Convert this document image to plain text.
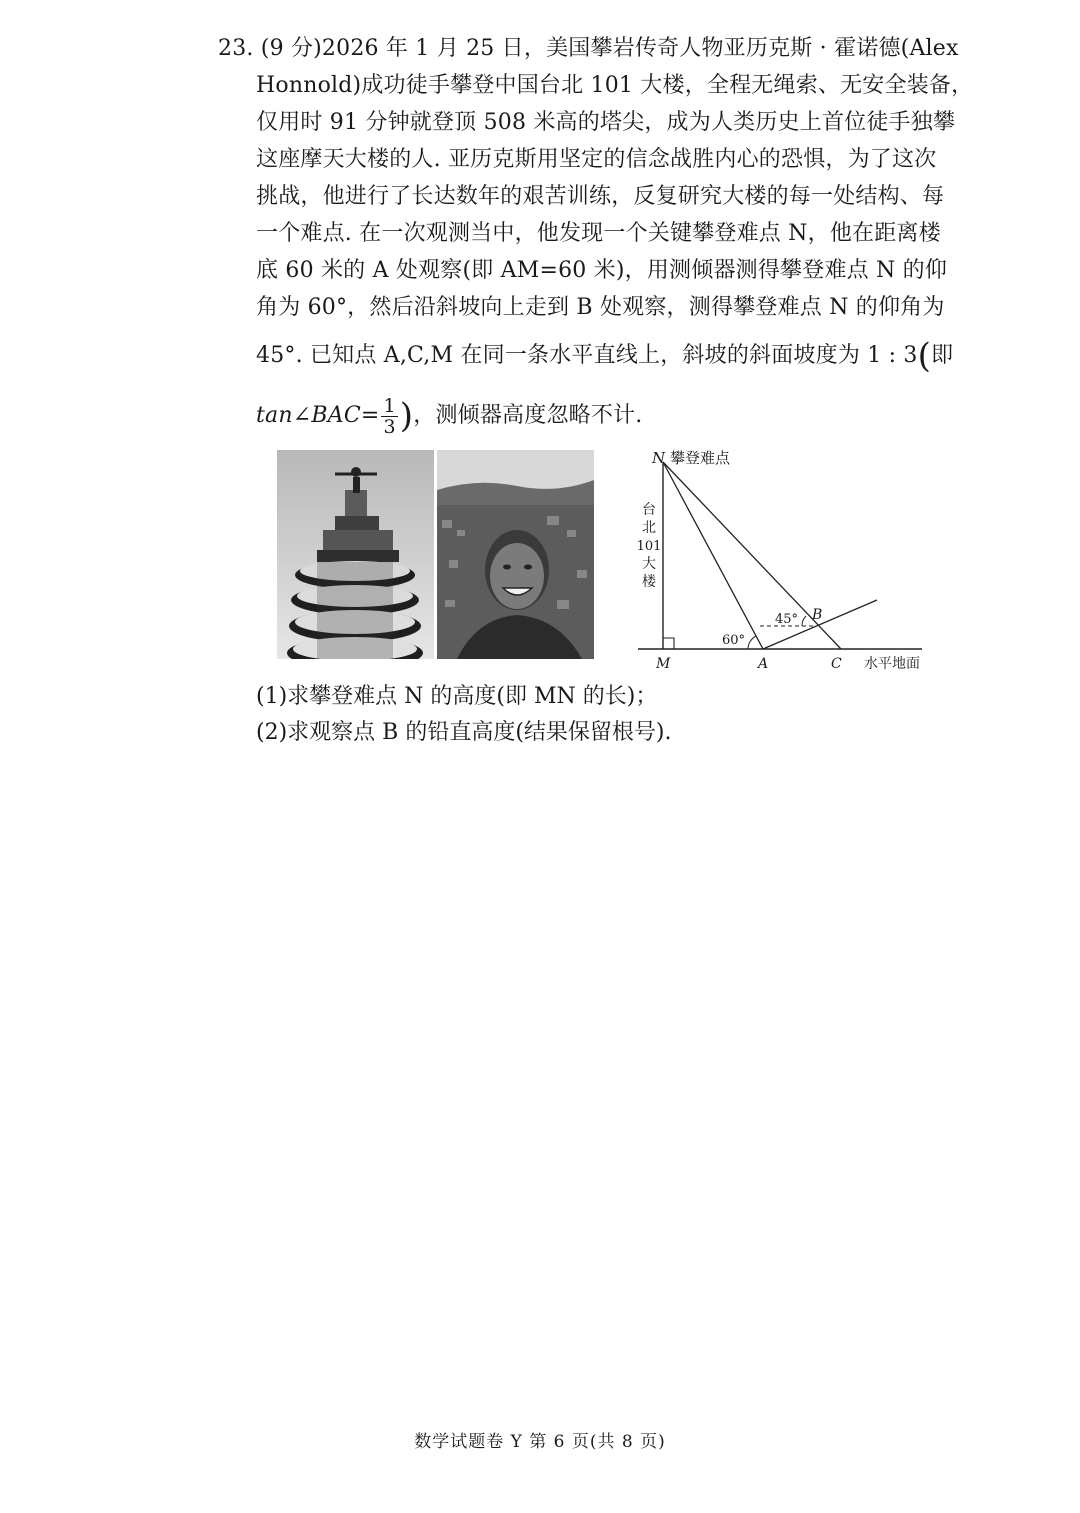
23. (9 分)2026 年 1 月 25 日，美国攀岩传奇人物亚历克斯 · 霍诺德(Alex
Honnold)成功徒手攀登中国台北 101 大楼，全程无绳索、无安全装备，
仅用时 91 分钟就登顶 508 米高的塔尖，成为人类历史上首位徒手独攀
这座摩天大楼的人. 亚历克斯用坚定的信念战胜内心的恐惧，为了这次
挑战，他进行了长达数年的艰苦训练，反复研究大楼的每一处结构、每
一个难点. 在一次观测当中，他发现一个关键攀登难点 N，他在距离楼
底 60 米的 A 处观察(即 AM=60 米)，用测倾器测得攀登难点 N 的仰
角为 60°，然后沿斜坡向上走到 B 处观察，测得攀登难点 N 的仰角为
45°. 已知点 A,C,M 在同一条水平直线上，斜坡的斜面坡度为 1 : 3(即
tan∠BAC= $\frac{1}{3}$ )，测倾器高度忽略不计.
N 攀登难点
台
北
101
大
楼
M	A	C 水平地面
B
60°
45°
(1)求攀登难点 N 的高度(即 MN 的长)；
(2)求观察点 B 的铅直高度(结果保留根号).
数学试题卷 Y 第 6 页(共 8 页)
